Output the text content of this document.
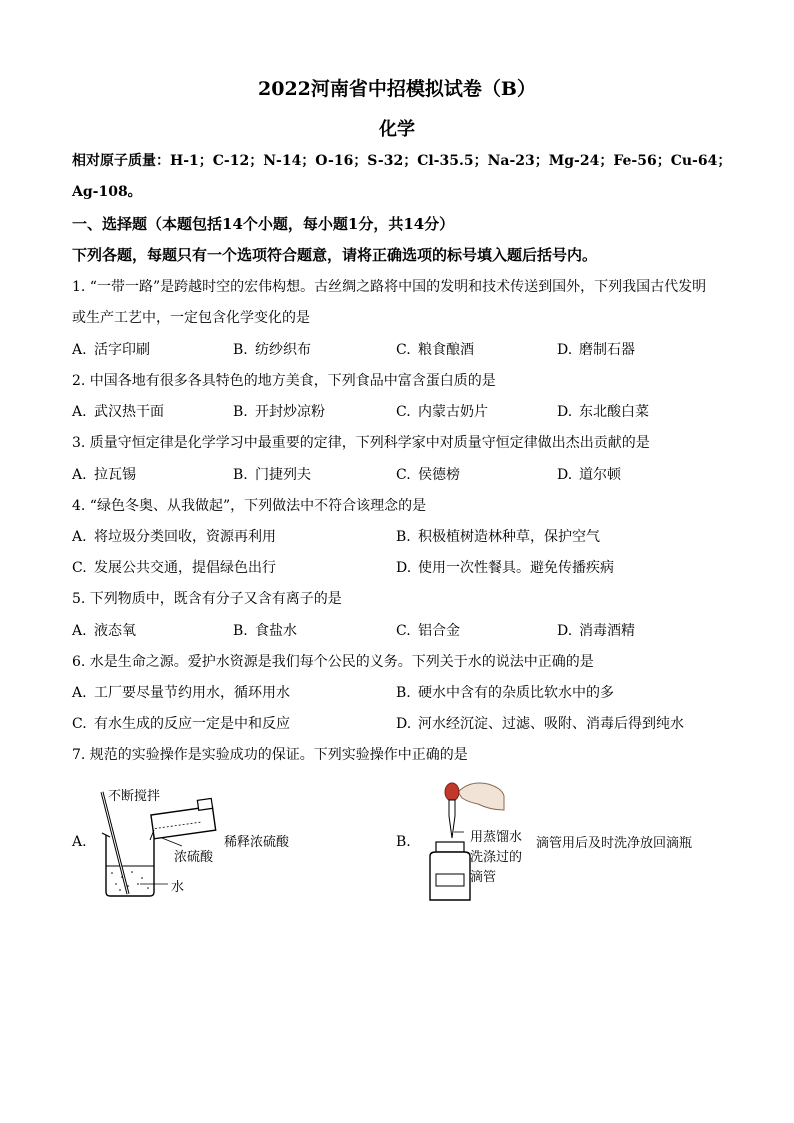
2022河南省中招模拟试卷（B）
化学
相对原子质量：H-1；C-12；N-14；O-16；S-32；Cl-35.5；Na-23；Mg-24；Fe-56；Cu-64；
Ag-108。
一、选择题（本题包括14个小题，每小题1分，共14分）
下列各题，每题只有一个选项符合题意，请将正确选项的标号填入题后括号内。
1. “一带一路”是跨越时空的宏伟构想。古丝绸之路将中国的发明和技术传送到国外，下列我国古代发明
或生产工艺中，一定包含化学变化的是
A. 活字印刷	B. 纺纱织布	C. 粮食酿酒	D. 磨制石器
2. 中国各地有很多各具特色的地方美食，下列食品中富含蛋白质的是
A. 武汉热干面	B. 开封炒凉粉	C. 内蒙古奶片	D. 东北酸白菜
3. 质量守恒定律是化学学习中最重要的定律，下列科学家中对质量守恒定律做出杰出贡献的是
A. 拉瓦锡	B. 门捷列夫	C. 侯德榜	D. 道尔顿
4. “绿色冬奥、从我做起”，下列做法中不符合该理念的是
A. 将垃圾分类回收，资源再利用	B. 积极植树造林种草，保护空气
C. 发展公共交通，提倡绿色出行	D. 使用一次性餐具。避免传播疾病
5. 下列物质中，既含有分子又含有离子的是
A. 液态氧	B. 食盐水	C. 铝合金	D. 消毒酒精
6. 水是生命之源。爱护水资源是我们每个公民的义务。下列关于水的说法中正确的是
A. 工厂要尽量节约用水，循环用水	B. 硬水中含有的杂质比软水中的多
C. 有水生成的反应一定是中和反应	D. 河水经沉淀、过滤、吸附、消毒后得到纯水
7. 规范的实验操作是实验成功的保证。下列实验操作中正确的是
A.
不断搅拌
浓硫酸
水
稀释浓硫酸	B.	用蒸馏水
洗涤过的
滴管
滴管用后及时洗净放回滴瓶
